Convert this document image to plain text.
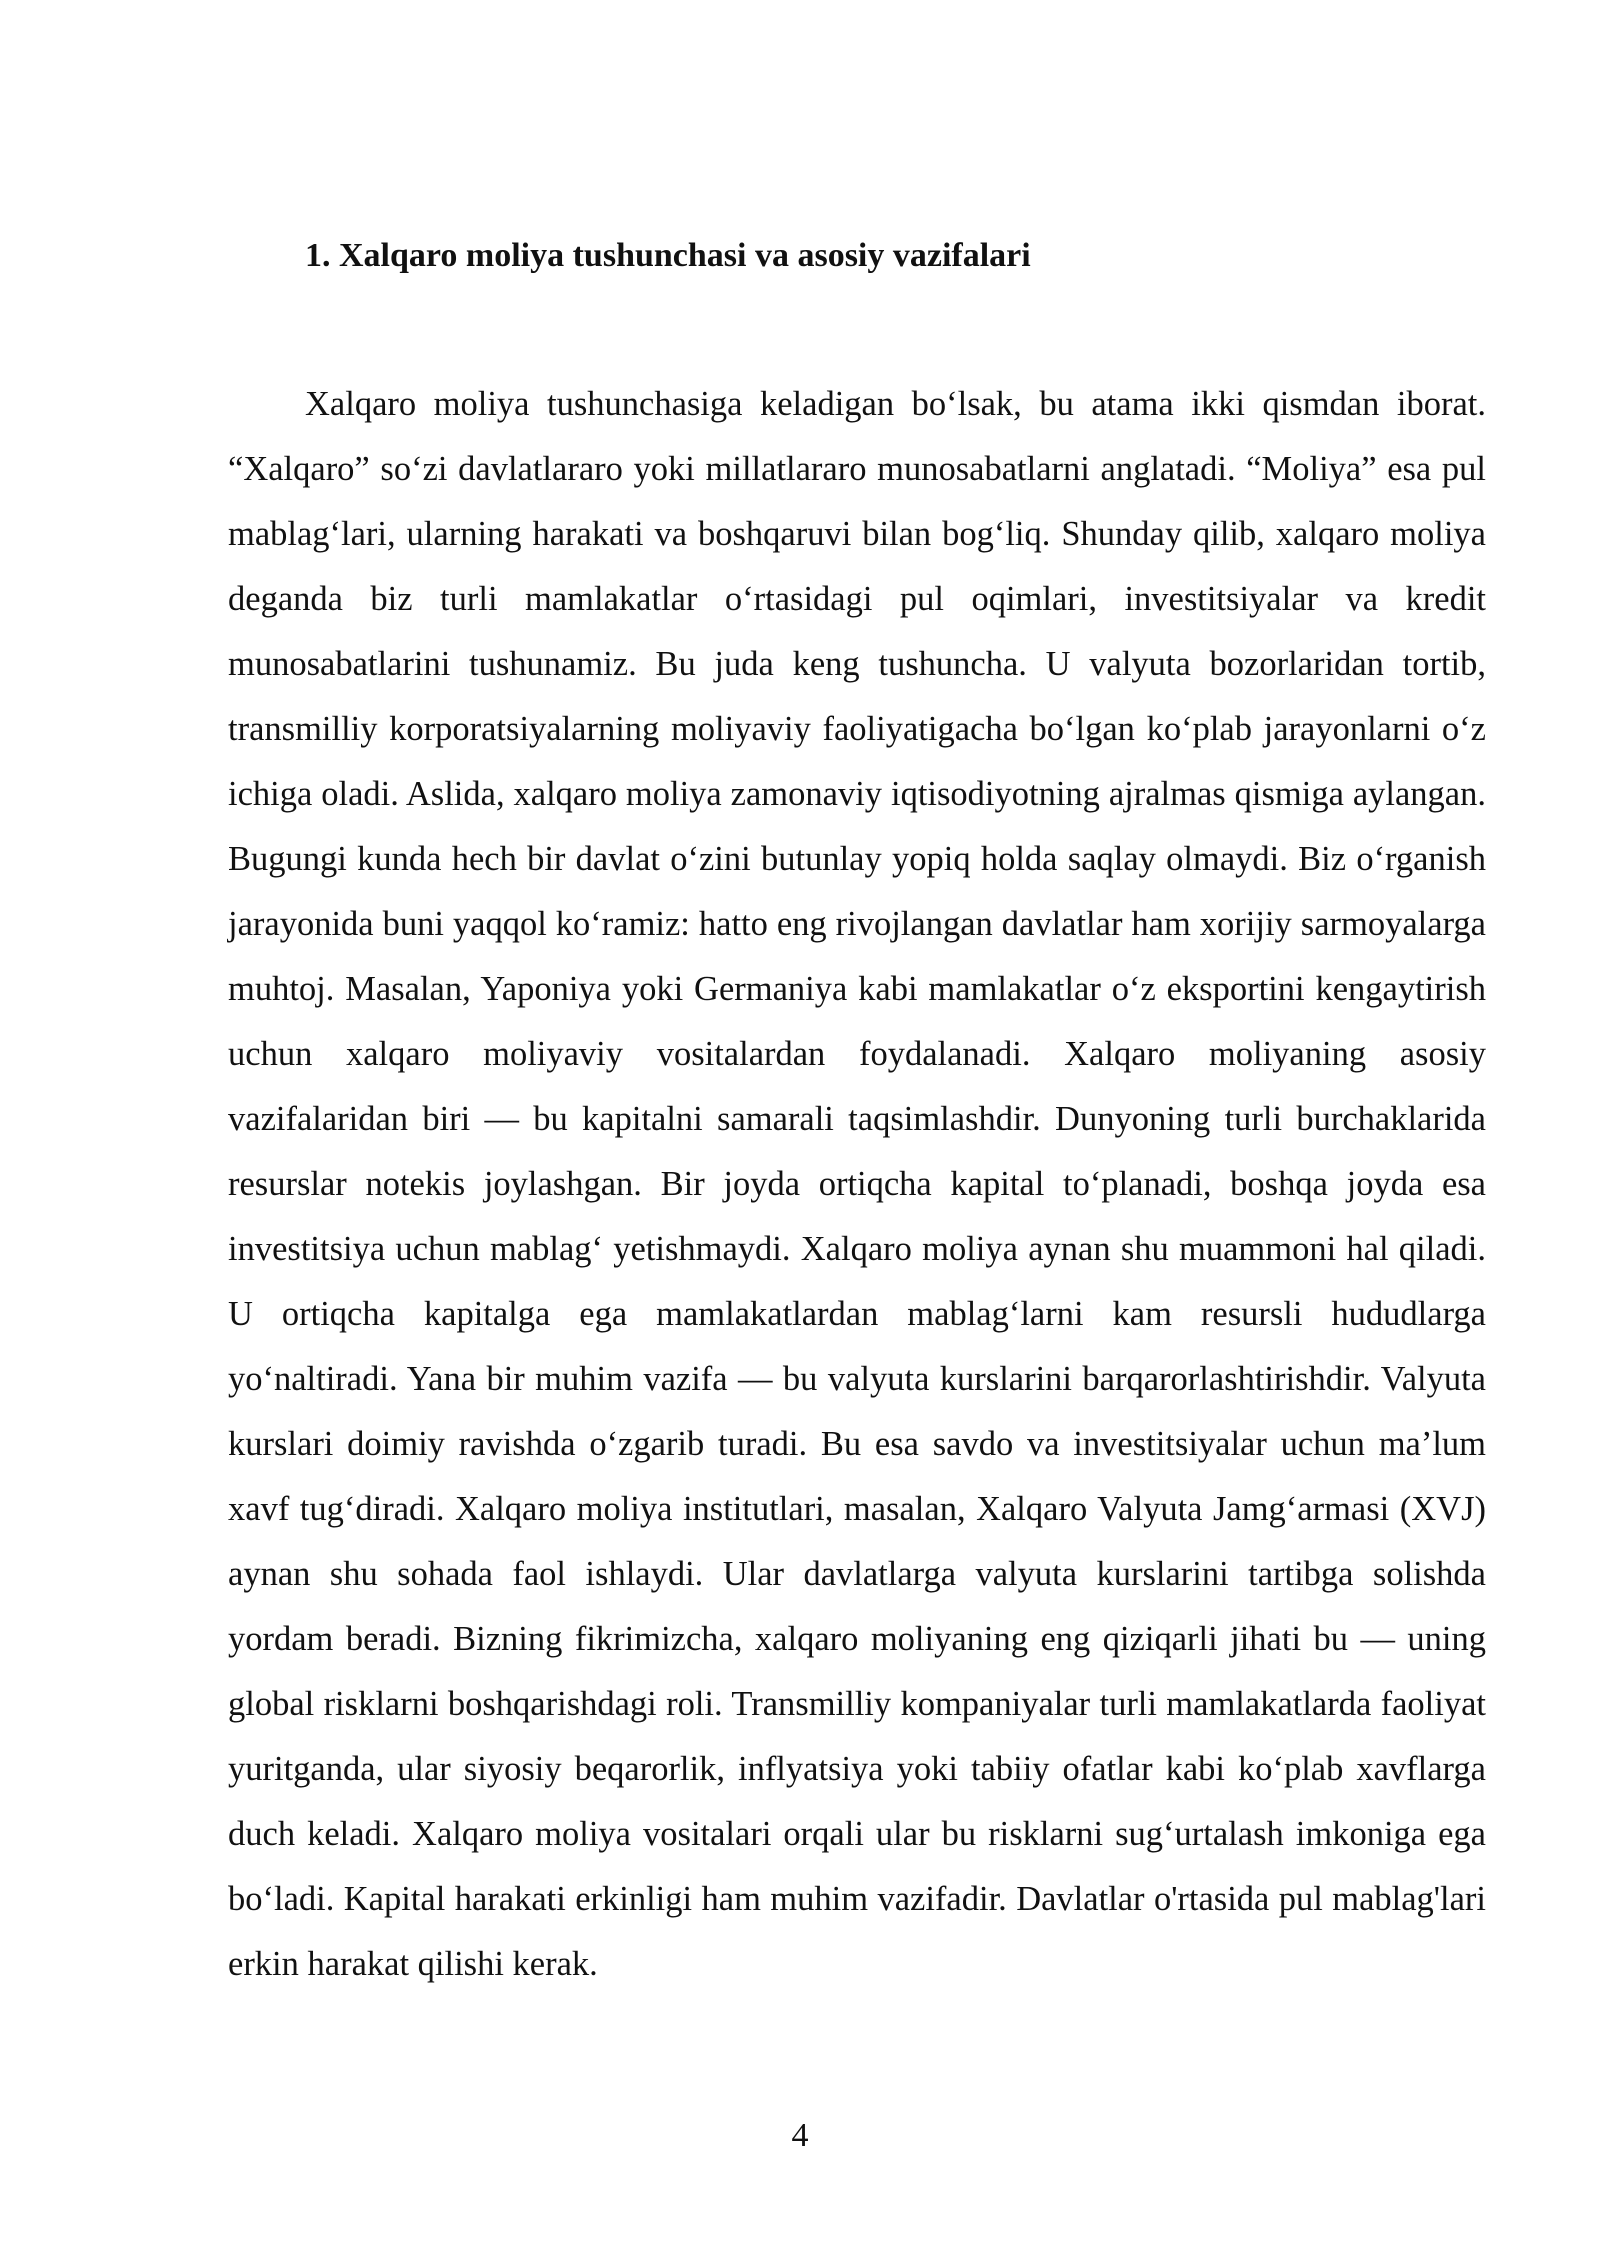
1. Xalqaro moliya tushunchasi va asosiy vazifalari

Xalqaro moliya tushunchasiga keladigan bo‘lsak, bu atama ikki qismdan iborat. “Xalqaro” so‘zi davlatlararo yoki millatlararo munosabatlarni anglatadi. “Moliya” esa pul mablag‘lari, ularning harakati va boshqaruvi bilan bog‘liq. Shunday qilib, xalqaro moliya deganda biz turli mamlakatlar o‘rtasidagi pul oqimlari, investitsiyalar va kredit munosabatlarini tushunamiz. Bu juda keng tushuncha. U valyuta bozorlaridan tortib, transmilliy korporatsiyalarning moliyaviy faoliyatigacha bo‘lgan ko‘plab jarayonlarni o‘z ichiga oladi. Aslida, xalqaro moliya zamonaviy iqtisodiyotning ajralmas qismiga aylangan. Bugungi kunda hech bir davlat o‘zini butunlay yopiq holda saqlay olmaydi. Biz o‘rganish jarayonida buni yaqqol ko‘ramiz: hatto eng rivojlangan davlatlar ham xorijiy sarmoyalarga muhtoj. Masalan, Yaponiya yoki Germaniya kabi mamlakatlar o‘z eksportini kengaytirish uchun xalqaro moliyaviy vositalardan foydalanadi. Xalqaro moliyaning asosiy vazifalaridan biri — bu kapitalni samarali taqsimlashdir. Dunyoning turli burchaklarida resurslar notekis joylashgan. Bir joyda ortiqcha kapital to‘planadi, boshqa joyda esa investitsiya uchun mablag‘ yetishmaydi. Xalqaro moliya aynan shu muammoni hal qiladi. U ortiqcha kapitalga ega mamlakatlardan mablag‘larni kam resursli hududlarga yo‘naltiradi. Yana bir muhim vazifa — bu valyuta kurslarini barqarorlashtirishdir. Valyuta kurslari doimiy ravishda o‘zgarib turadi. Bu esa savdo va investitsiyalar uchun ma’lum xavf tug‘diradi. Xalqaro moliya institutlari, masalan, Xalqaro Valyuta Jamg‘armasi (XVJ) aynan shu sohada faol ishlaydi. Ular davlatlarga valyuta kurslarini tartibga solishda yordam beradi. Bizning fikrimizcha, xalqaro moliyaning eng qiziqarli jihati bu — uning global risklarni boshqarishdagi roli. Transmilliy kompaniyalar turli mamlakatlarda faoliyat yuritganda, ular siyosiy beqarorlik, inflyatsiya yoki tabiiy ofatlar kabi ko‘plab xavflarga duch keladi. Xalqaro moliya vositalari orqali ular bu risklarni sug‘urtalash imkoniga ega bo‘ladi. Kapital harakati erkinligi ham muhim vazifadir. Davlatlar o'rtasida pul mablag'lari erkin harakat qilishi kerak.

4
